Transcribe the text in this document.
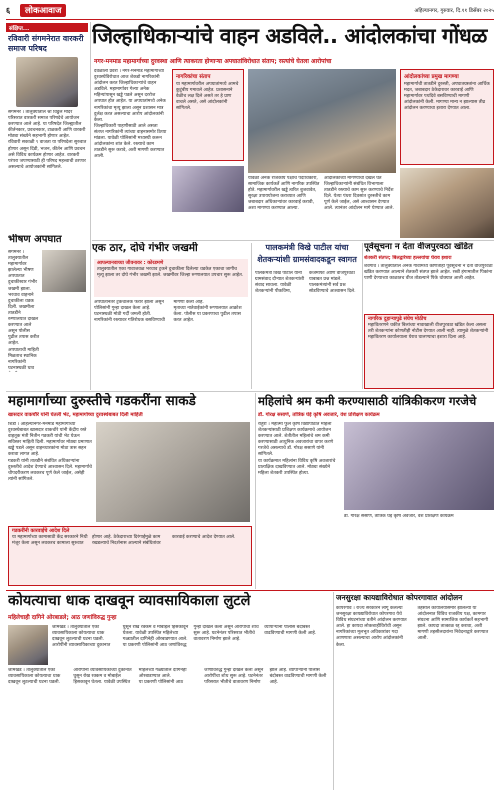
६	लोकआवाज	अहिल्यानगर, गुरुवार, दि.११ डिसेंबर २०२५
संक्षिप्त...
रविवारी संगमनेरात वारकरी समाज परिषद
संगमनेर । तालुक्यातील श्री विठ्ठल मंदिर परिसरात वारकरी समाज परिषदेचे आयोजन करण्यात आले आहे. या परिषदेत जिल्ह्यातील कीर्तनकार, प्रवचनकार, टाळकरी आणि वारकरी मोठ्या संख्येने सहभागी होणार आहेत.
रविवारी सकाळी ९ वाजता या परिषदेला सुरुवात होणार असून दिंडी, भजन, कीर्तन आणि प्रवचन असे विविध कार्यक्रम होणार आहेत. वारकरी परंपरा जपण्यासाठी ही परिषद महत्त्वाची ठरणार असल्याचे आयोजकांनी सांगितले.
भीषण अपघात
संगमनेर । तालुक्यातील महामार्गावर झालेल्या भीषण अपघातात दुचाकीस्वार गंभीर जखमी झाला. भरधाव वाहनाने दुचाकीला धडक दिली. जखमीला तातडीने रुग्णालयात दाखल करण्यात आले असून पोलीस पुढील तपास करीत आहेत.
अपघाताची माहिती मिळताच स्थानिक नागरिकांनी घटनास्थळी धाव
जिल्हाधिकाऱ्यांचे वाहन अडविले.. आंदोलकांचा गोंधळ
नगर-मनमाड महामार्गाच्या दुरवस्था आणि त्याकरता होणाऱ्या अपघातांविरोधात संताप; रस्त्यांचे घेतला आरोपांचा
देवळाली प्रवरा । नगर-मनमाड महामार्गाच्या दुरवस्थेविरोधात आज शेकडो नागरिकांनी आंदोलन करत जिल्हाधिकाऱ्यांचे वाहन अडविले. महामार्गावर गेल्या अनेक महिन्यांपासून खड्डे पडले असून दररोज अपघात होत आहेत. या अपघातांमध्ये अनेक नागरिकांचा मृत्यू झाला असून प्रशासन मात्र दुर्लक्ष करत असल्याचा आरोप आंदोलकांनी केला.
जिल्हाधिकारी पाहणीसाठी आले असता संतप्त नागरिकांनी त्यांच्या वाहनासमोर ठिय्या मांडला. यावेळी पोलिसांनी मध्यस्थी करून आंदोलकांना शांत केले. रस्त्याचे काम तातडीने सुरू करावे, अशी मागणी करण्यात आली.
नागरिकांचा संताप
या महामार्गावरील अपघातांमध्ये आमचे कुटुंबीय गमावले आहेत. प्रशासनाने वेळीच लक्ष दिले असते तर हे प्राण वाचले असते, असे आंदोलकांनी सांगितले.
यावेळी अनेक राजकीय पक्षांचे पदाधिकारी, सामाजिक कार्यकर्ते आणि नागरिक उपस्थित होते. महामार्गावरील खड्डे त्वरित बुजवावेत, सुरक्षा उपाययोजना कराव्यात आणि जबाबदार अधिकाऱ्यांवर कारवाई करावी, अशा मागण्या करण्यात आल्या.
आंदोलकांच्या मागण्यांची दखल घेत जिल्हाधिकाऱ्यांनी संबंधित विभागाला तातडीने रस्त्याचे काम सुरू करण्याचे निर्देश दिले. येत्या पंधरा दिवसांत दुरुस्तीचे काम पूर्ण केले जाईल, असे आश्वासन देण्यात आले. त्यानंतर आंदोलन मागे घेण्यात आले.
आंदोलकांच्या प्रमुख मागण्या
महामार्गाची तातडीने दुरुस्ती, अपघातग्रस्तांना आर्थिक मदत, जबाबदार ठेकेदारावर कारवाई आणि महामार्गावर पथदिवे बसविण्याची मागणी आंदोलकांनी केली. मागण्या मान्य न झाल्यास तीव्र आंदोलन करण्याचा इशारा देण्यात आला.
एक ठार, दोघे गंभीर जखमी
आपल्यानवाच्या जीवनावर : कोरडमणे
तालुक्यातील एका गावाजवळ भरधाव ट्रकने दुचाकीला दिलेल्या धडकेत एकाचा जागीच मृत्यू झाला तर दोघे गंभीर जखमी झाले. जखमींवर जिल्हा रुग्णालयात उपचार सुरू आहेत.
अपघातानंतर ट्रकचालक फरार झाला असून पोलिसांनी गुन्हा दाखल केला आहे. घटनास्थळी मोठी गर्दी जमली होती. नागरिकांनी रस्त्यावर गतिरोधक बसविण्याची मागणी केली आहे.
मृताच्या नातेवाईकांनी रुग्णालयात आक्रोश केला. पोलीस या प्रकरणाचा पुढील तपास करत आहेत.
पालकमंत्री विखे पाटील यांचा शेतकऱ्यांशी ग्रामसंवादकडून स्वागत
पालकमंत्री विखे पाटील यांनी ग्रामसंवाद दौऱ्यात शेतकऱ्यांशी संवाद साधला. यावेळी शेतकऱ्यांनी पीकविमा, कर्जमाफी आणि वीजपुरवठा याबाबत प्रश्न मांडले. पालकमंत्र्यांनी सर्व प्रश्न सोडविण्याचे आश्वासन दिले.
पूर्वसूचना न देता वीजपुरवठा खंडित
शेतकरी संतप्त; बिलद्वारेच्या हल्लयांचा घेराव इशारा
शेवगाव । तालुक्यातील अनेक गावांमध्ये कोणतीही पूर्वसूचना न देता वीजपुरवठा खंडित करण्यात आल्याने शेतकरी संतप्त झाले आहेत. रब्बी हंगामातील पिकांना पाणी देण्याच्या काळातच वीज तोडल्याने पिके धोक्यात आली आहेत.
नागरिक दुहाऱ्यापुढे संघेच मोठीच
महावितरणने थकीत बिलांच्या नावाखाली वीजपुरवठा खंडित केला असला तरी शेतकऱ्यांना कोणतीही नोटीस देण्यात आली नाही. त्यामुळे शेतकऱ्यांनी महावितरण कार्यालयाला घेराव घालण्याचा इशारा दिला आहे.
महामार्गाच्या दुरुस्तीचे गडकरींना साकडे
खासदार वाकचौरे यांनी घेतली भेट, महामार्गाच्या दुरवस्थेबाबत दिली माहिती
शिर्डी । अहिल्यानगर-मनमाड महामार्गाच्या दुरवस्थेबाबत खासदार वाकचौरे यांनी केंद्रीय रस्ते वाहतूक मंत्री नितीन गडकरी यांची भेट घेऊन सविस्तर माहिती दिली. महामार्गावर मोठ्या प्रमाणात खड्डे पडले असून वाहनधारकांना मोठा त्रास सहन करावा लागत आहे.
गडकरी यांनी तातडीने संबंधित अधिकाऱ्यांना दुरुस्तीचे आदेश देण्याचे आश्वासन दिले. महामार्गाचे चौपदरीकरण लवकरच पूर्ण केले जाईल, असेही त्यांनी सांगितले.
गडकरींनी कारवाईचे आदेश दिले
या महामार्गाच्या कामासाठी केंद्र सरकारने निधी मंजूर केला असून लवकरच कामाला सुरुवात होणार आहे. ठेकेदाराच्या दिरंगाईमुळे काम रखडल्याचे निदर्शनास आल्याने संबंधितांवर कारवाई करण्याचे आदेश देण्यात आले.
महिलांचे श्रम कमी करण्यासाठी यांत्रिकीकरण गरजेचे
डॉ. गोरक्ष ससाणे, तांत्रिक घेई कृषि अवजारे, वंश प्रशिक्षण कार्यक्रम
राहुरी । महात्मा फुले कृषि विद्यापीठात महिला शेतकऱ्यांसाठी प्रशिक्षण कार्यक्रमाचे आयोजन करण्यात आले. शेतीतील महिलांचे श्रम कमी करण्यासाठी आधुनिक अवजारांचा वापर करणे गरजेचे असल्याचे डॉ. गोरक्ष ससाणे यांनी सांगितले.
या कार्यक्रमात महिलांना विविध कृषि अवजारांचे प्रात्यक्षिक दाखविण्यात आले. मोठ्या संख्येने महिला शेतकरी उपस्थित होत्या.
डॉ. गोरक्ष ससाणे, तांत्रिक घेई कृषि अवजारे, वंश प्रशिक्षण कार्यक्रम
कोयत्याचा धाक दाखवून व्यावसायिकाला लुटले
महिलेचाही दागिने ओरबाडले; आठ जणांविरुद्ध गुन्हा
जामखेड । तालुक्यातील एका व्यावसायिकाला कोयत्याचा धाक दाखवून लुटल्याची घटना घडली. आरोपींनी व्यावसायिकाच्या दुकानात घुसून रोख रक्कम व मोबाईल हिसकावून घेतला. यावेळी उपस्थित महिलेच्या गळ्यातील दागिनेही ओरबाडण्यात आले.
या प्रकरणी पोलिसांनी आठ जणांविरुद्ध गुन्हा दाखल केला असून आरोपींचा शोध सुरू आहे. घटनेनंतर परिसरात भीतीचे वातावरण निर्माण झाले आहे. व्यापाऱ्यांनी पोलीस बंदोबस्त वाढविण्याची मागणी केली आहे.
जामखेड । तालुक्यातील एका व्यावसायिकाला कोयत्याचा धाक दाखवून लुटल्याची घटना घडली. आरोपींनी व्यावसायिकाच्या दुकानात घुसून रोख रक्कम व मोबाईल हिसकावून घेतला. यावेळी उपस्थित महिलेच्या गळ्यातील दागिनेही ओरबाडण्यात आले.
या प्रकरणी पोलिसांनी आठ जणांविरुद्ध गुन्हा दाखल केला असून आरोपींचा शोध सुरू आहे. घटनेनंतर परिसरात भीतीचे वातावरण निर्माण झाले आहे. व्यापाऱ्यांनी पोलीस बंदोबस्त वाढविण्याची मागणी केली आहे.
जनसुरक्षा कायद्याविरोधात कोपरगावात आंदोलन
कोपरगाव । राज्य सरकारने लागू केलेल्या जनसुरक्षा कायद्याविरोधात कोपरगाव येथे विविध संघटनांच्या वतीने आंदोलन करण्यात आले. हा कायदा लोकशाहीविरोधी असून नागरिकांच्या मूलभूत अधिकारांवर गदा आणणारा असल्याचा आरोप आंदोलकांनी केला.
तहसील कार्यालयासमोर झालेल्या या आंदोलनात विविध राजकीय पक्ष, कामगार संघटना आणि सामाजिक कार्यकर्ते सहभागी झाले. कायदा तात्काळ रद्द करावा, अशी मागणी तहसीलदारांना निवेदनाद्वारे करण्यात आली.
